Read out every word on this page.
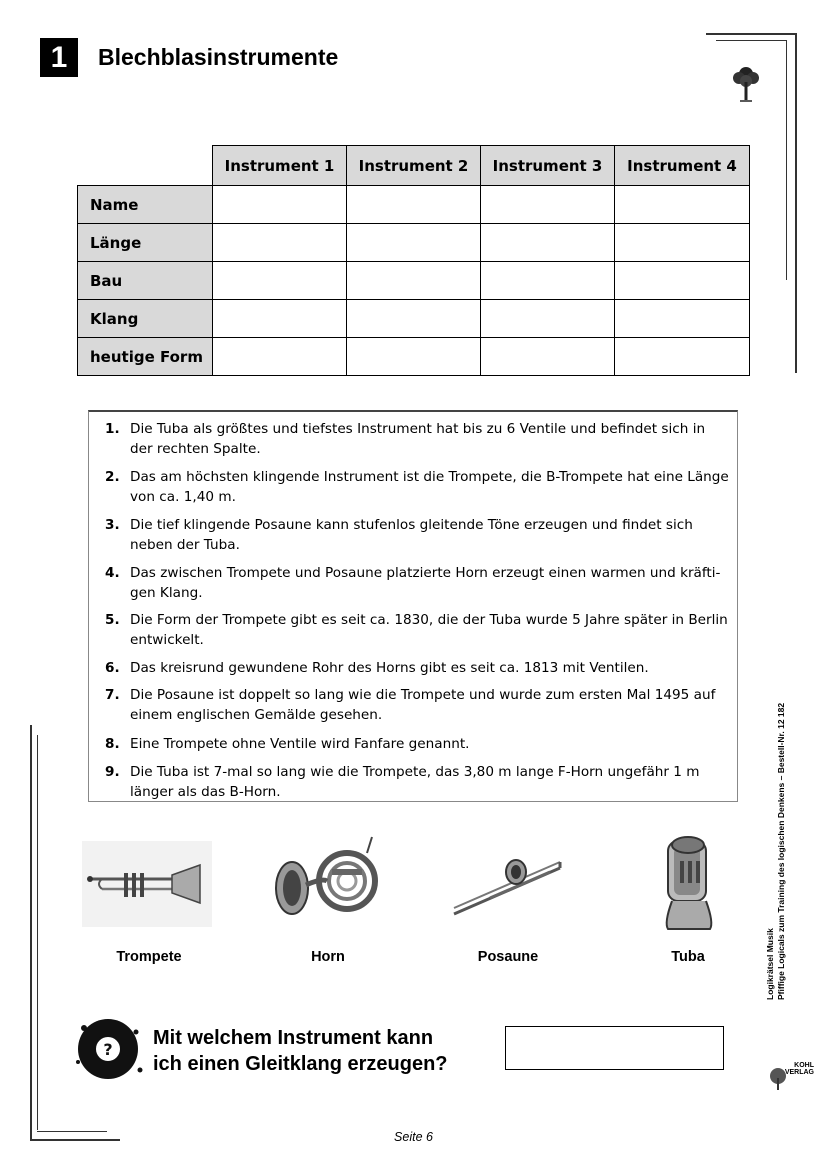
1	Blechblasinstrumente
	Instrument 1	Instrument 2	Instrument 3	Instrument 4
Name				
Länge				
Bau				
Klang				
heutige Form				
1. Die Tuba als größtes und tiefstes Instrument hat bis zu 6 Ventile und befindet sich in der rechten Spalte.
2. Das am höchsten klingende Instrument ist die Trompete, die B-Trompete hat eine Länge von ca. 1,40 m.
3. Die tief klingende Posaune kann stufenlos gleitende Töne erzeugen und findet sich neben der Tuba.
4. Das zwischen Trompete und Posaune platzierte Horn erzeugt einen warmen und kräfti-gen Klang.
5. Die Form der Trompete gibt es seit ca. 1830, die der Tuba wurde 5 Jahre später in Berlin entwickelt.
6. Das kreisrund gewundene Rohr des Horns gibt es seit ca. 1813 mit Ventilen.
7. Die Posaune ist doppelt so lang wie die Trompete und wurde zum ersten Mal 1495 auf einem englischen Gemälde gesehen.
8. Eine Trompete ohne Ventile wird Fanfare genannt.
9. Die Tuba ist 7-mal so lang wie die Trompete, das 3,80 m lange F-Horn ungefähr 1 m länger als das B-Horn.
Trompete	Horn	Posaune	Tuba
?
Mit welchem Instrument kann
ich einen Gleitklang erzeugen?
Seite 6
Logikrätsel Musik Pfiffige Logicals zum Training des logischen Denkens – Bestell-Nr. 12 182
KOHL VERLAG
